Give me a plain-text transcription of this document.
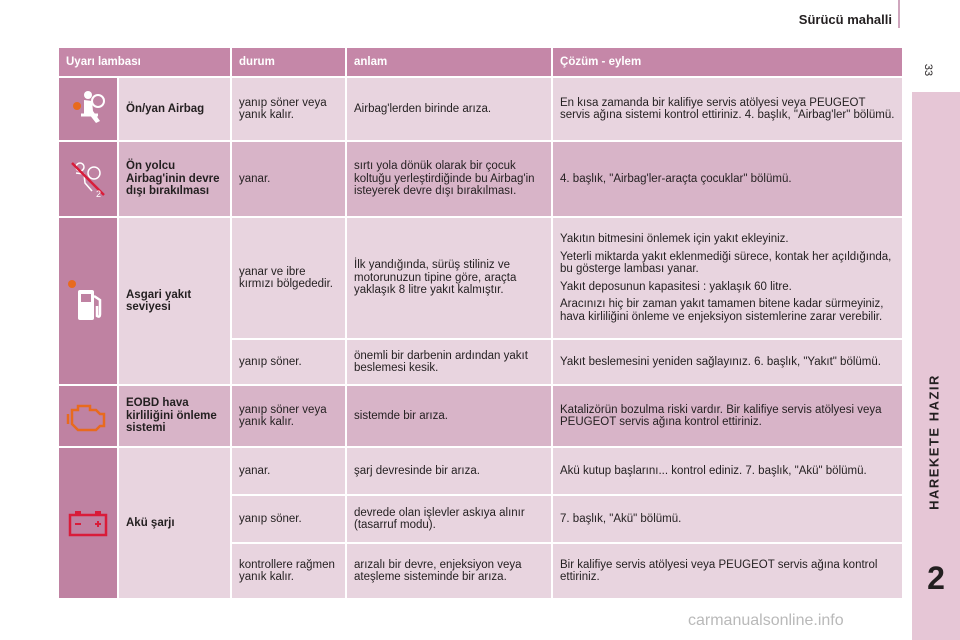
Sürücü mahalli
33
HAREKETE HAZIR
2
carmanualsonline.info
Uyarı lambası		durum	anlam	Çözüm - eylem

	Ön/yan Airbag	yanıp söner veya yanık kalır.	Airbag'lerden birinde arıza.	En kısa zamanda bir kalifiye servis atölyesi veya PEUGEOT servis ağına sistemi kontrol ettiriniz. 4. başlık, "Airbag'ler" bölümü.

2	Ön yolcu Airbag'inin devre dışı bırakılması	yanar.	sırtı yola dönük olarak bir çocuk koltuğu yerleştirdiğinde bu Airbag'in isteyerek devre dışı bırakılması.	4. başlık, "Airbag'ler-araçta çocuklar" bölümü.

	Asgari yakıt seviyesi	yanar ve ibre kırmızı bölgededir.	İlk yandığında, sürüş stiliniz ve motorunuzun tipine göre, araçta yaklaşık 8 litre yakıt kalmıştır.	Yakıtın bitmesini önlemek için yakıt ekleyiniz.
Yeterli miktarda yakıt eklenmediği sürece, kontak her açıldığında, bu gösterge lambası yanar.
Yakıt deposunun kapasitesi : yaklaşık 60 litre.
Aracınızı hiç bir zaman yakıt tamamen bitene kadar sürmeyiniz, hava kirliliğini önleme ve enjeksiyon sistemlerine zarar verebilir.

		yanıp söner.	önemli bir darbenin ardından yakıt beslemesi kesik.	Yakıt beslemesini yeniden sağlayınız. 6. başlık, "Yakıt" bölümü.

	EOBD hava kirliliğini önleme sistemi	yanıp söner veya yanık kalır.	sistemde bir arıza.	Katalizörün bozulma riski vardır. Bir kalifiye servis atölyesi veya PEUGEOT servis ağına kontrol ettiriniz.

	Akü şarjı	yanar.	şarj devresinde bir arıza.	Akü kutup başlarını... kontrol ediniz. 7. başlık, "Akü" bölümü.
		yanıp söner.	devrede olan işlevler askıya alınır (tasarruf modu).	7. başlık, "Akü" bölümü.
		kontrollere rağmen yanık kalır.	arızalı bir devre, enjeksiyon veya ateşleme sisteminde bir arıza.	Bir kalifiye servis atölyesi veya PEUGEOT servis ağına kontrol ettiriniz.
